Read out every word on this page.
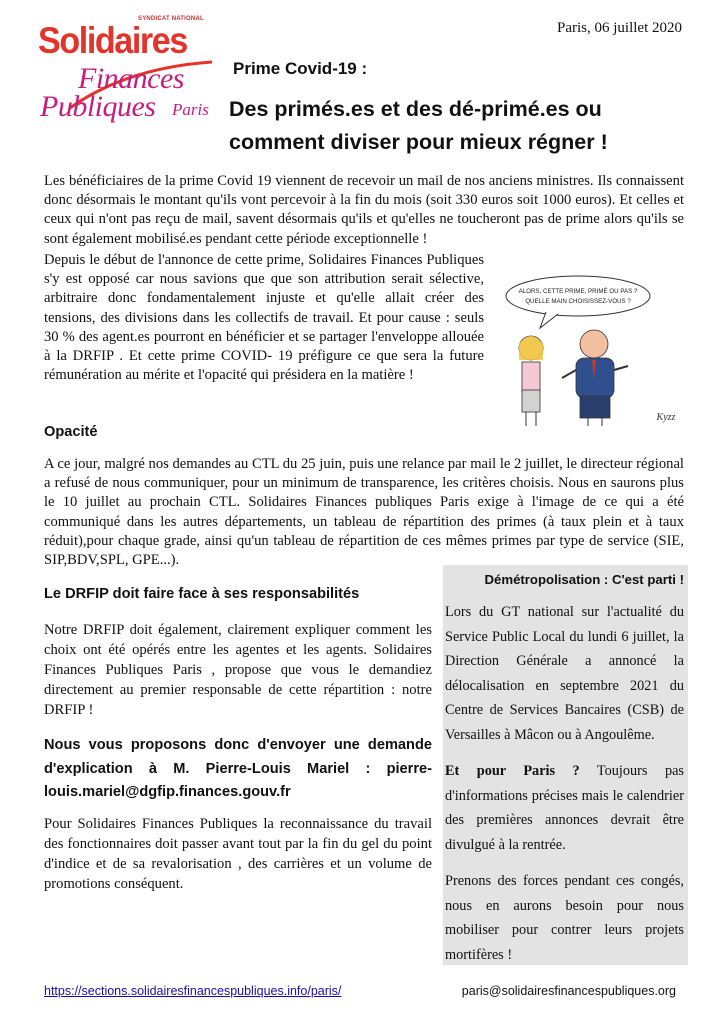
SYNDICAT NATIONAL
Solidaires
Finances
Publiques Paris
Paris, 06 juillet 2020
Prime Covid-19 :
Des primés.es et des dé-primé.es ou comment diviser pour mieux régner !

Les bénéficiaires de la prime Covid 19 viennent de recevoir un mail de nos anciens ministres. Ils connaissent donc désormais le montant qu'ils vont percevoir à la fin du mois (soit 330 euros soit 1000 euros). Et celles et ceux qui n'ont pas reçu de mail, savent désormais qu'ils et qu'elles ne toucheront pas de prime alors qu'ils se sont également mobilisé.es pendant cette période exceptionnelle !

Depuis le début de l'annonce de cette prime, Solidaires Finances Publiques s'y est opposé car nous savions que que son attribution serait sélective, arbitraire donc fondamentalement injuste et qu'elle allait créer des tensions, des divisions dans les collectifs de travail. Et pour cause : seuls 30 % des agent.es pourront en bénéficier et se partager l'enveloppe allouée à la DRFIP . Et cette prime COVID- 19 préfigure ce que sera la future rémunération au mérite et l'opacité qui présidera en la matière !

ALORS, CETTE PRIME, PRIMÉ OU PAS ?
QUELLE MAIN CHOISISSEZ-VOUS ?
Kyzz
Opacité

A ce jour, malgré nos demandes au CTL du 25 juin, puis une relance par mail le 2 juillet, le directeur régional a refusé de nous communiquer, pour un minimum de transparence, les critères choisis. Nous en saurons plus le 10 juillet au prochain CTL. Solidaires Finances publiques Paris exige à l'image de ce qui a été communiqué dans les autres départements, un tableau de répartition des primes (à taux plein et à taux réduit),pour chaque grade, ainsi qu'un tableau de répartition de ces mêmes primes par type de service (SIE, SIP,BDV,SPL, GPE...).

Le DRFIP doit faire face à ses responsabilités

Notre DRFIP doit également, clairement expliquer comment les choix ont été opérés entre les agentes et les agents. Solidaires Finances Publiques Paris , propose que vous le demandiez directement au premier responsable de cette répartition : notre DRFIP !

Nous vous proposons donc d'envoyer une demande d'explication à M. Pierre-Louis Mariel : pierre-louis.mariel@dgfip.finances.gouv.fr

Pour Solidaires Finances Publiques la reconnaissance du travail des fonctionnaires doit passer avant tout par la fin du gel du point d'indice et de sa revalorisation , des carrières et un volume de promotions conséquent.

Démétropolisation : C'est parti !

Lors du GT national sur l'actualité du Service Public Local du lundi 6 juillet, la Direction Générale a annoncé la délocalisation en septembre 2021 du Centre de Services Bancaires (CSB) de Versailles à Mâcon ou à Angoulême.

Et pour Paris ? Toujours pas d'informations précises mais le calendrier des premières annonces devrait être divulgué à la rentrée.

Prenons des forces pendant ces congés, nous en aurons besoin pour nous mobiliser pour contrer leurs projets mortifères !

https://sections.solidairesfinancespubliques.info/paris/	paris@solidairesfinancespubliques.org
